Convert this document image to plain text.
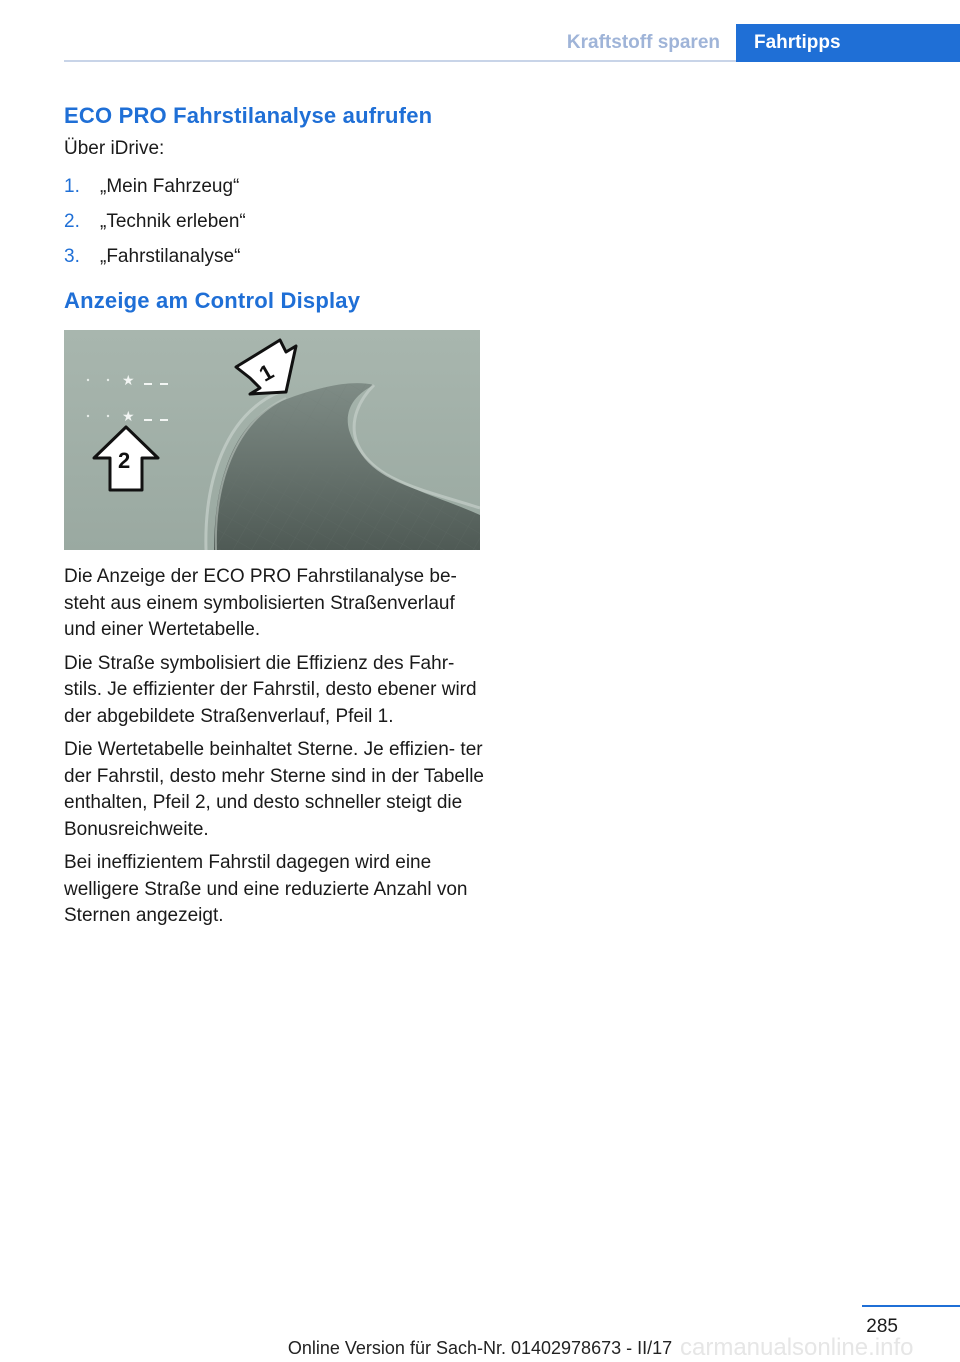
Kraftstoff sparen	Fahrtipps
ECO PRO Fahrstilanalyse aufrufen
Über iDrive:
1.	„Mein Fahrzeug“
2.	„Technik erleben“
3.	„Fahrstilanalyse“
Anzeige am Control Display
★
★
1
2

Die Anzeige der ECO PRO Fahrstilanalyse be‐ steht aus einem symbolisierten Straßenverlauf und einer Wertetabelle.

Die Straße symbolisiert die Effizienz des Fahr‐ stils. Je effizienter der Fahrstil, desto ebener wird der abgebildete Straßenverlauf, Pfeil 1.

Die Wertetabelle beinhaltet Sterne. Je effizien‐ ter der Fahrstil, desto mehr Sterne sind in der Tabelle enthalten, Pfeil 2, und desto schneller steigt die Bonusreichweite.

Bei ineffizientem Fahrstil dagegen wird eine welligere Straße und eine reduzierte Anzahl von Sternen angezeigt.

285
carmanualsonline.info
Online Version für Sach-Nr. 01402978673 - II/17
